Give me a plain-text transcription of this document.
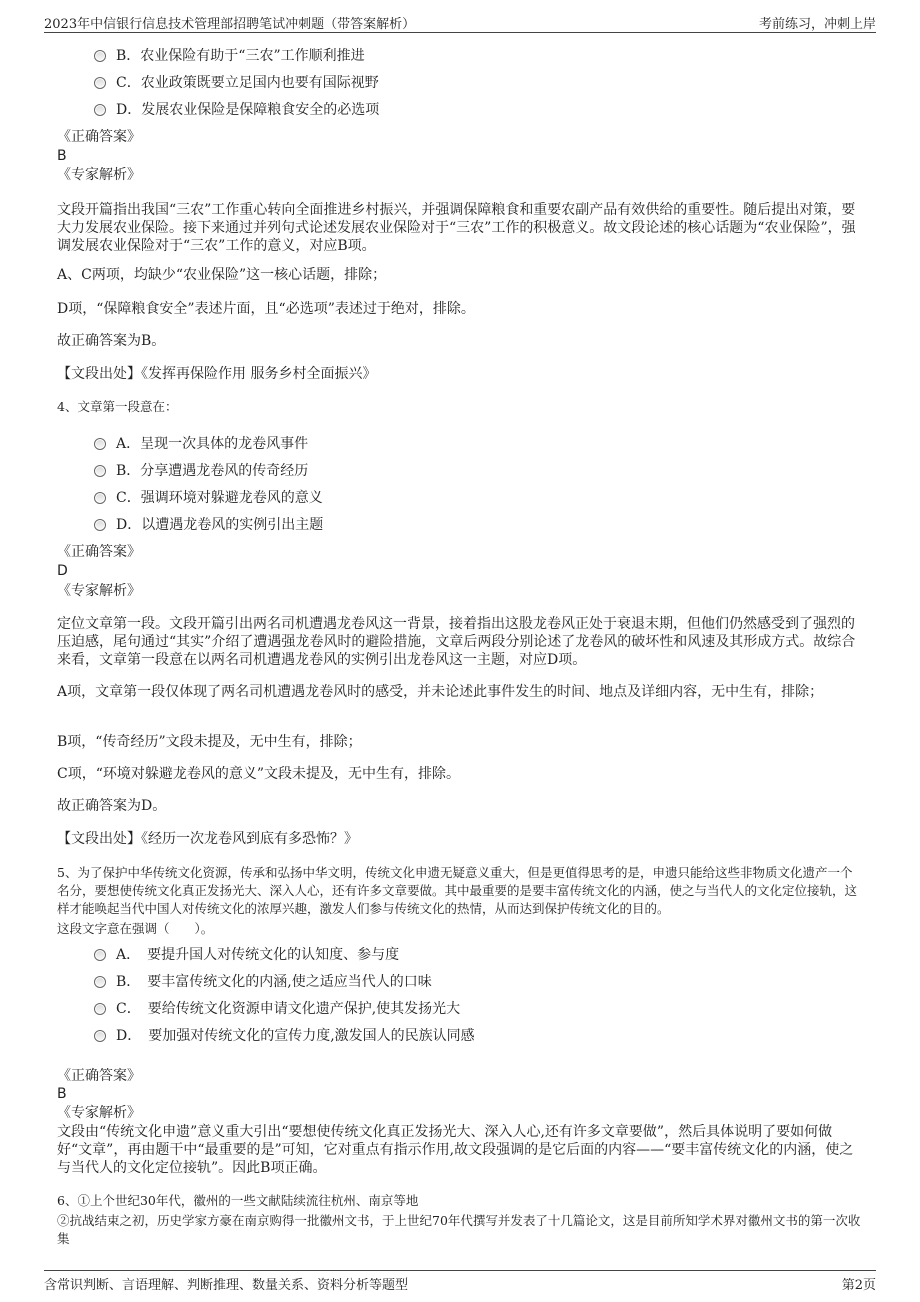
2023年中信银行信息技术管理部招聘笔试冲刺题（带答案解析）	考前练习，冲刺上岸
B．农业保险有助于“三农”工作顺利推进
C．农业政策既要立足国内也要有国际视野
D．发展农业保险是保障粮食安全的必选项
《正确答案》
B
《专家解析》
文段开篇指出我国“三农”工作重心转向全面推进乡村振兴，并强调保障粮食和重要农副产品有效供给的重要性。随后提出对策，要大力发展农业保险。接下来通过并列句式论述发展农业保险对于“三农”工作的积极意义。故文段论述的核心话题为“农业保险”，强调发展农业保险对于“三农”工作的意义，对应B项。
A、C两项，均缺少“农业保险”这一核心话题，排除；
D项，“保障粮食安全”表述片面，且“必选项”表述过于绝对，排除。
故正确答案为B。
【文段出处】《发挥再保险作用 服务乡村全面振兴》
4、文章第一段意在：
A．呈现一次具体的龙卷风事件
B．分享遭遇龙卷风的传奇经历
C．强调环境对躲避龙卷风的意义
D．以遭遇龙卷风的实例引出主题
《正确答案》
D
《专家解析》
定位文章第一段。文段开篇引出两名司机遭遇龙卷风这一背景，接着指出这股龙卷风正处于衰退末期，但他们仍然感受到了强烈的压迫感，尾句通过“其实”介绍了遭遇强龙卷风时的避险措施，文章后两段分别论述了龙卷风的破坏性和风速及其形成方式。故综合来看，文章第一段意在以两名司机遭遇龙卷风的实例引出龙卷风这一主题，对应D项。
A项，文章第一段仅体现了两名司机遭遇龙卷风时的感受，并未论述此事件发生的时间、地点及详细内容，无中生有，排除；
B项，“传奇经历”文段未提及，无中生有，排除；
C项，“环境对躲避龙卷风的意义”文段未提及，无中生有，排除。
故正确答案为D。
【文段出处】《经历一次龙卷风到底有多恐怖？》
5、为了保护中华传统文化资源，传承和弘扬中华文明，传统文化申遗无疑意义重大，但是更值得思考的是，申遗只能给这些非物质文化遗产一个名分，要想使传统文化真正发扬光大、深入人心，还有许多文章要做。其中最重要的是要丰富传统文化的内涵，使之与当代人的文化定位接轨，这样才能唤起当代中国人对传统文化的浓厚兴趣，激发人们参与传统文化的热情，从而达到保护传统文化的目的。
这段文字意在强调（　　）。
A．　要提升国人对传统文化的认知度、参与度
B．　要丰富传统文化的内涵,使之适应当代人的口味
C．　要给传统文化资源申请文化遗产保护,使其发扬光大
D．　要加强对传统文化的宣传力度,激发国人的民族认同感
《正确答案》
B
《专家解析》
文段由“传统文化申遗”意义重大引出“要想使传统文化真正发扬光大、深入人心,还有许多文章要做”，然后具体说明了要如何做好“文章”，再由题干中“最重要的是”可知，它对重点有指示作用,故文段强调的是它后面的内容——“要丰富传统文化的内涵，使之与当代人的文化定位接轨”。因此B项正确。
6、①上个世纪30年代，徽州的一些文献陆续流往杭州、南京等地
②抗战结束之初，历史学家方豪在南京购得一批徽州文书，于上世纪70年代撰写并发表了十几篇论文，这是目前所知学术界对徽州文书的第一次收集
含常识判断、言语理解、判断推理、数量关系、资料分析等题型	第2页
